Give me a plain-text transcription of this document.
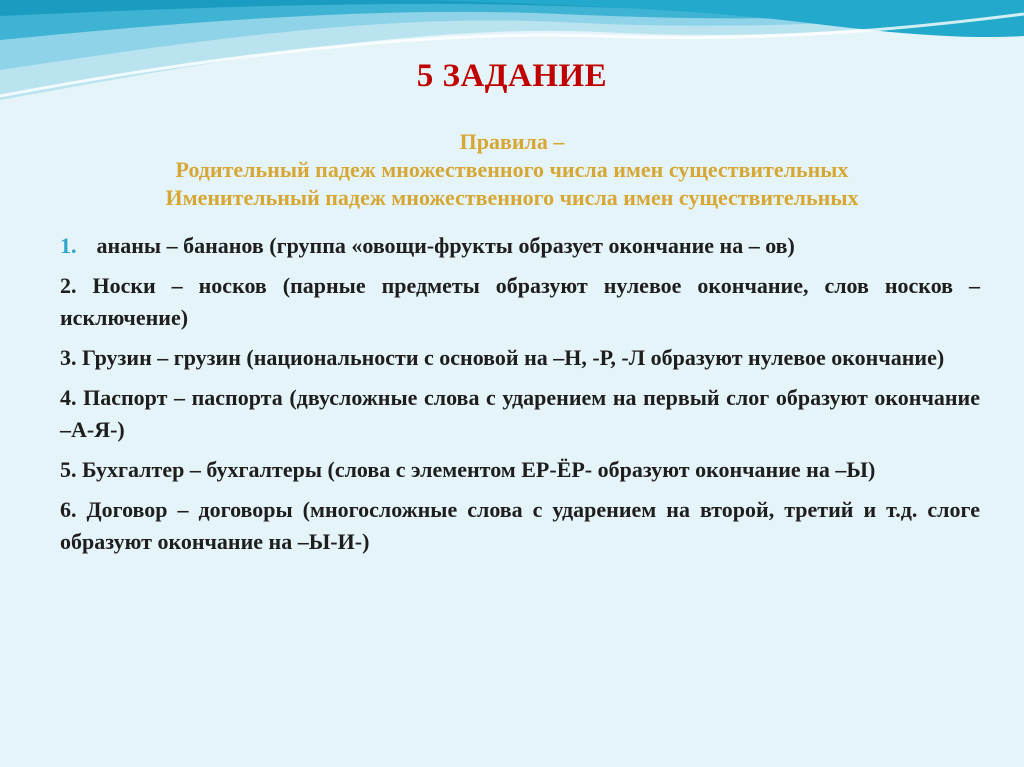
5 ЗАДАНИЕ
Правила –
Родительный падеж множественного числа имен существительных
Именительный падеж множественного числа имен существительных
1. Бананы – бананов (группа «овощи-фрукты образует окончание на – ов)
2. Носки – носков (парные предметы образуют нулевое окончание, слов носков – исключение)
3. Грузин – грузин (национальности с основой на –Н, -Р, -Л образуют нулевое окончание)
4. Паспорт – паспорта (двусложные слова с ударением на первый слог образуют окончание –А-Я-)
5. Бухгалтер – бухгалтеры (слова с элементом ЕР-ЁР- образуют окончание на –Ы)
6. Договор – договоры (многосложные слова с ударением на второй, третий и т.д. слоге образуют окончание на –Ы-И-)
